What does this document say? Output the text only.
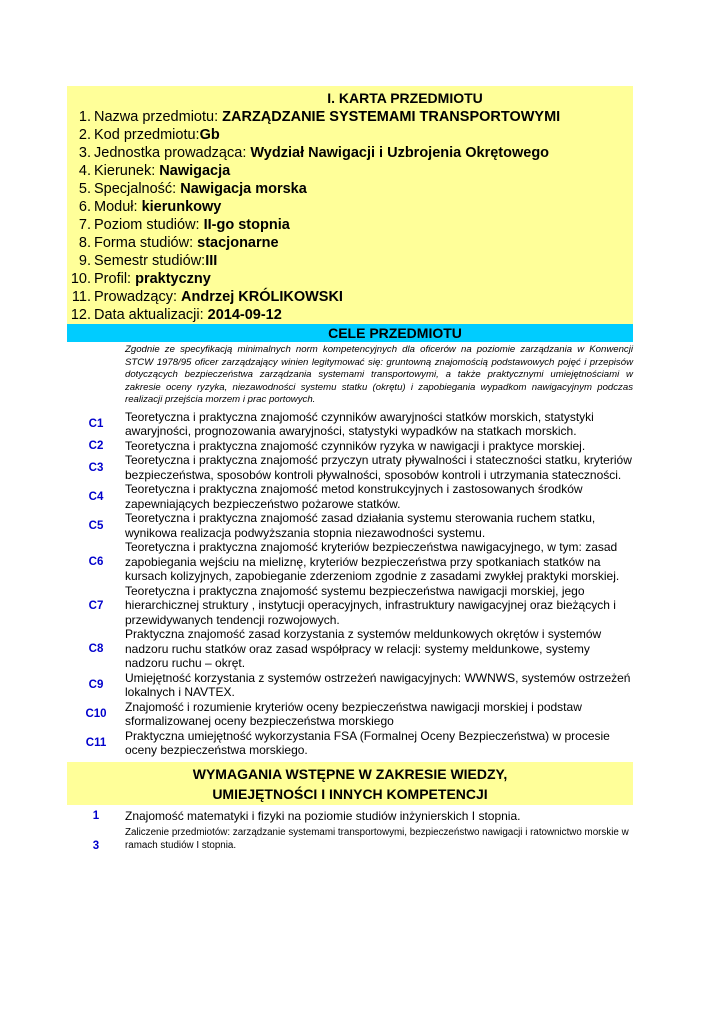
I. KARTA PRZEDMIOTU
1. Nazwa przedmiotu: ZARZĄDZANIE SYSTEMAMI TRANSPORTOWYMI
2. Kod przedmiotu: Gb
3. Jednostka prowadząca: Wydział Nawigacji i Uzbrojenia Okrętowego
4. Kierunek: Nawigacja
5. Specjalność: Nawigacja morska
6. Moduł: kierunkowy
7. Poziom studiów: II-go stopnia
8. Forma studiów: stacjonarne
9. Semestr studiów: III
10. Profil: praktyczny
11. Prowadzący: Andrzej KRÓLIKOWSKI
12. Data aktualizacji: 2014-09-12
CELE PRZEDMIOTU
Zgodnie ze specyfikacją minimalnych norm kompetencyjnych dla oficerów na poziomie zarządzania w Konwencji STCW 1978/95 oficer zarządzający winien legitymować się: gruntowną znajomością podstawowych pojęć i przepisów dotyczących bezpieczeństwa zarządzania systemami transportowymi, a także praktycznymi umiejętnościami w zakresie oceny ryzyka, niezawodności systemu statku (okrętu) i zapobiegania wypadkom nawigacyjnym podczas realizacji przejścia morzem i prac portowych.
C1
Teoretyczna i praktyczna znajomość czynników awaryjności statków morskich, statystyki awaryjności, prognozowania awaryjności, statystyki wypadków na statkach morskich.
C2	Teoretyczna i praktyczna znajomość czynników ryzyka w nawigacji i praktyce morskiej.
C3
Teoretyczna i praktyczna znajomość przyczyn utraty pływalności i stateczności statku, kryteriów bezpieczeństwa, sposobów kontroli pływalności, sposobów kontroli i utrzymania stateczności.
C4
Teoretyczna i praktyczna znajomość metod konstrukcyjnych i zastosowanych środków zapewniających bezpieczeństwo pożarowe statków.
C5
Teoretyczna i praktyczna znajomość zasad działania systemu sterowania ruchem statku, wynikowa realizacja podwyższania stopnia niezawodności systemu.
C6
Teoretyczna i praktyczna znajomość kryteriów bezpieczeństwa nawigacyjnego, w tym: zasad zapobiegania wejściu na mieliznę, kryteriów bezpieczeństwa przy spotkaniach statków na kursach kolizyjnych, zapobieganie zderzeniom zgodnie z zasadami zwykłej praktyki morskiej.
C7
Teoretyczna i praktyczna znajomość systemu bezpieczeństwa nawigacji morskiej, jego hierarchicznej struktury , instytucji operacyjnych, infrastruktury nawigacyjnej oraz bieżących i przewidywanych tendencji rozwojowych.
C8
Praktyczna znajomość zasad korzystania z systemów meldunkowych okrętów i systemów nadzoru ruchu statków oraz zasad współpracy w relacji: systemy meldunkowe, systemy nadzoru ruchu – okręt.
C9
Umiejętność korzystania z systemów ostrzeżeń nawigacyjnych: WWNWS, systemów ostrzeżeń lokalnych i NAVTEX.
C10
Znajomość i rozumienie kryteriów oceny bezpieczeństwa nawigacji morskiej i podstaw sformalizowanej oceny bezpieczeństwa morskiego
C11
Praktyczna umiejętność wykorzystania FSA (Formalnej Oceny Bezpieczeństwa) w procesie oceny bezpieczeństwa morskiego.
WYMAGANIA WSTĘPNE W ZAKRESIE WIEDZY,
UMIEJĘTNOŚCI I INNYCH KOMPETENCJI
1	Znajomość matematyki i fizyki na poziomie studiów inżynierskich I stopnia.
3
Zaliczenie przedmiotów: zarządzanie systemami transportowymi, bezpieczeństwo nawigacji i ratownictwo morskie w ramach studiów I stopnia.
